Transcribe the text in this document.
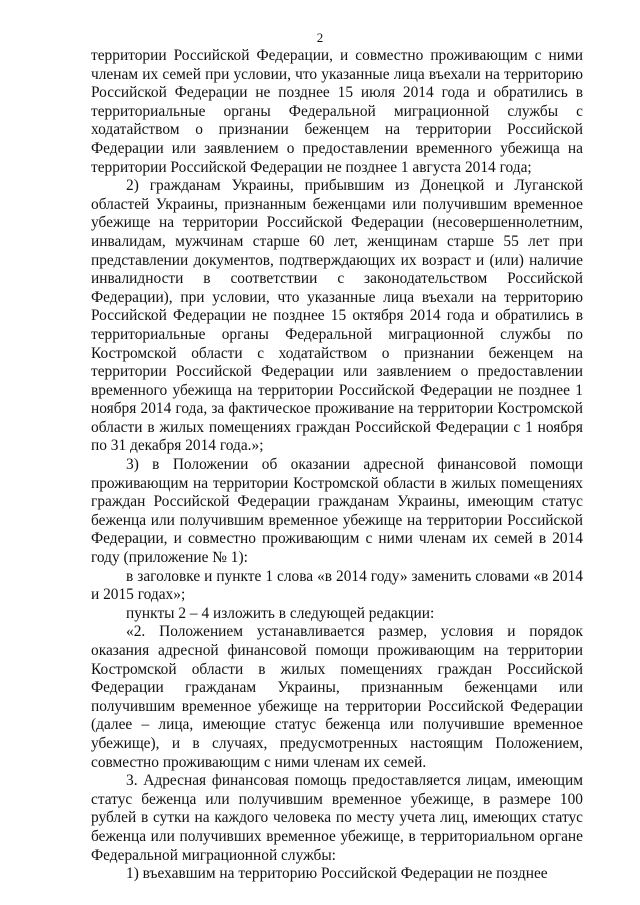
2

территории Российской Федерации, и совместно проживающим с ними членам их семей при условии, что указанные лица въехали на территорию Российской Федерации не позднее 15 июля 2014 года и обратились в территориальные органы Федеральной миграционной службы с ходатайством о признании беженцем на территории Российской Федерации или заявлением о предоставлении временного убежища на территории Российской Федерации не позднее 1 августа 2014 года;

2) гражданам Украины, прибывшим из Донецкой и Луганской областей Украины, признанным беженцами или получившим временное убежище на территории Российской Федерации (несовершеннолетним, инвалидам, мужчинам старше 60 лет, женщинам старше 55 лет при представлении документов, подтверждающих их возраст и (или) наличие инвалидности в соответствии с законодательством Российской Федерации), при условии, что указанные лица въехали на территорию Российской Федерации не позднее 15 октября 2014 года и обратились в территориальные органы Федеральной миграционной службы по Костромской области с ходатайством о признании беженцем на территории Российской Федерации или заявлением о предоставлении временного убежища на территории Российской Федерации не позднее 1 ноября 2014 года, за фактическое проживание на территории Костромской области в жилых помещениях граждан Российской Федерации с 1 ноября по 31 декабря 2014 года.»;

3) в Положении об оказании адресной финансовой помощи проживающим на территории Костромской области в жилых помещениях граждан Российской Федерации гражданам Украины, имеющим статус беженца или получившим временное убежище на территории Российской Федерации, и совместно проживающим с ними членам их семей в 2014 году (приложение № 1):

в заголовке и пункте 1 слова «в 2014 году» заменить словами «в 2014 и 2015 годах»;

пункты 2 – 4 изложить в следующей редакции:

«2. Положением устанавливается размер, условия и порядок оказания адресной финансовой помощи проживающим на территории Костромской области в жилых помещениях граждан Российской Федерации гражданам Украины, признанным беженцами или получившим временное убежище на территории Российской Федерации (далее – лица, имеющие статус беженца или получившие временное убежище), и в случаях, предусмотренных настоящим Положением, совместно проживающим с ними членам их семей.

3. Адресная финансовая помощь предоставляется лицам, имеющим статус беженца или получившим временное убежище, в размере 100 рублей в сутки на каждого человека по месту учета лиц, имеющих статус беженца или получивших временное убежище, в территориальном органе Федеральной миграционной службы:

1) въехавшим на территорию Российской Федерации не позднее
